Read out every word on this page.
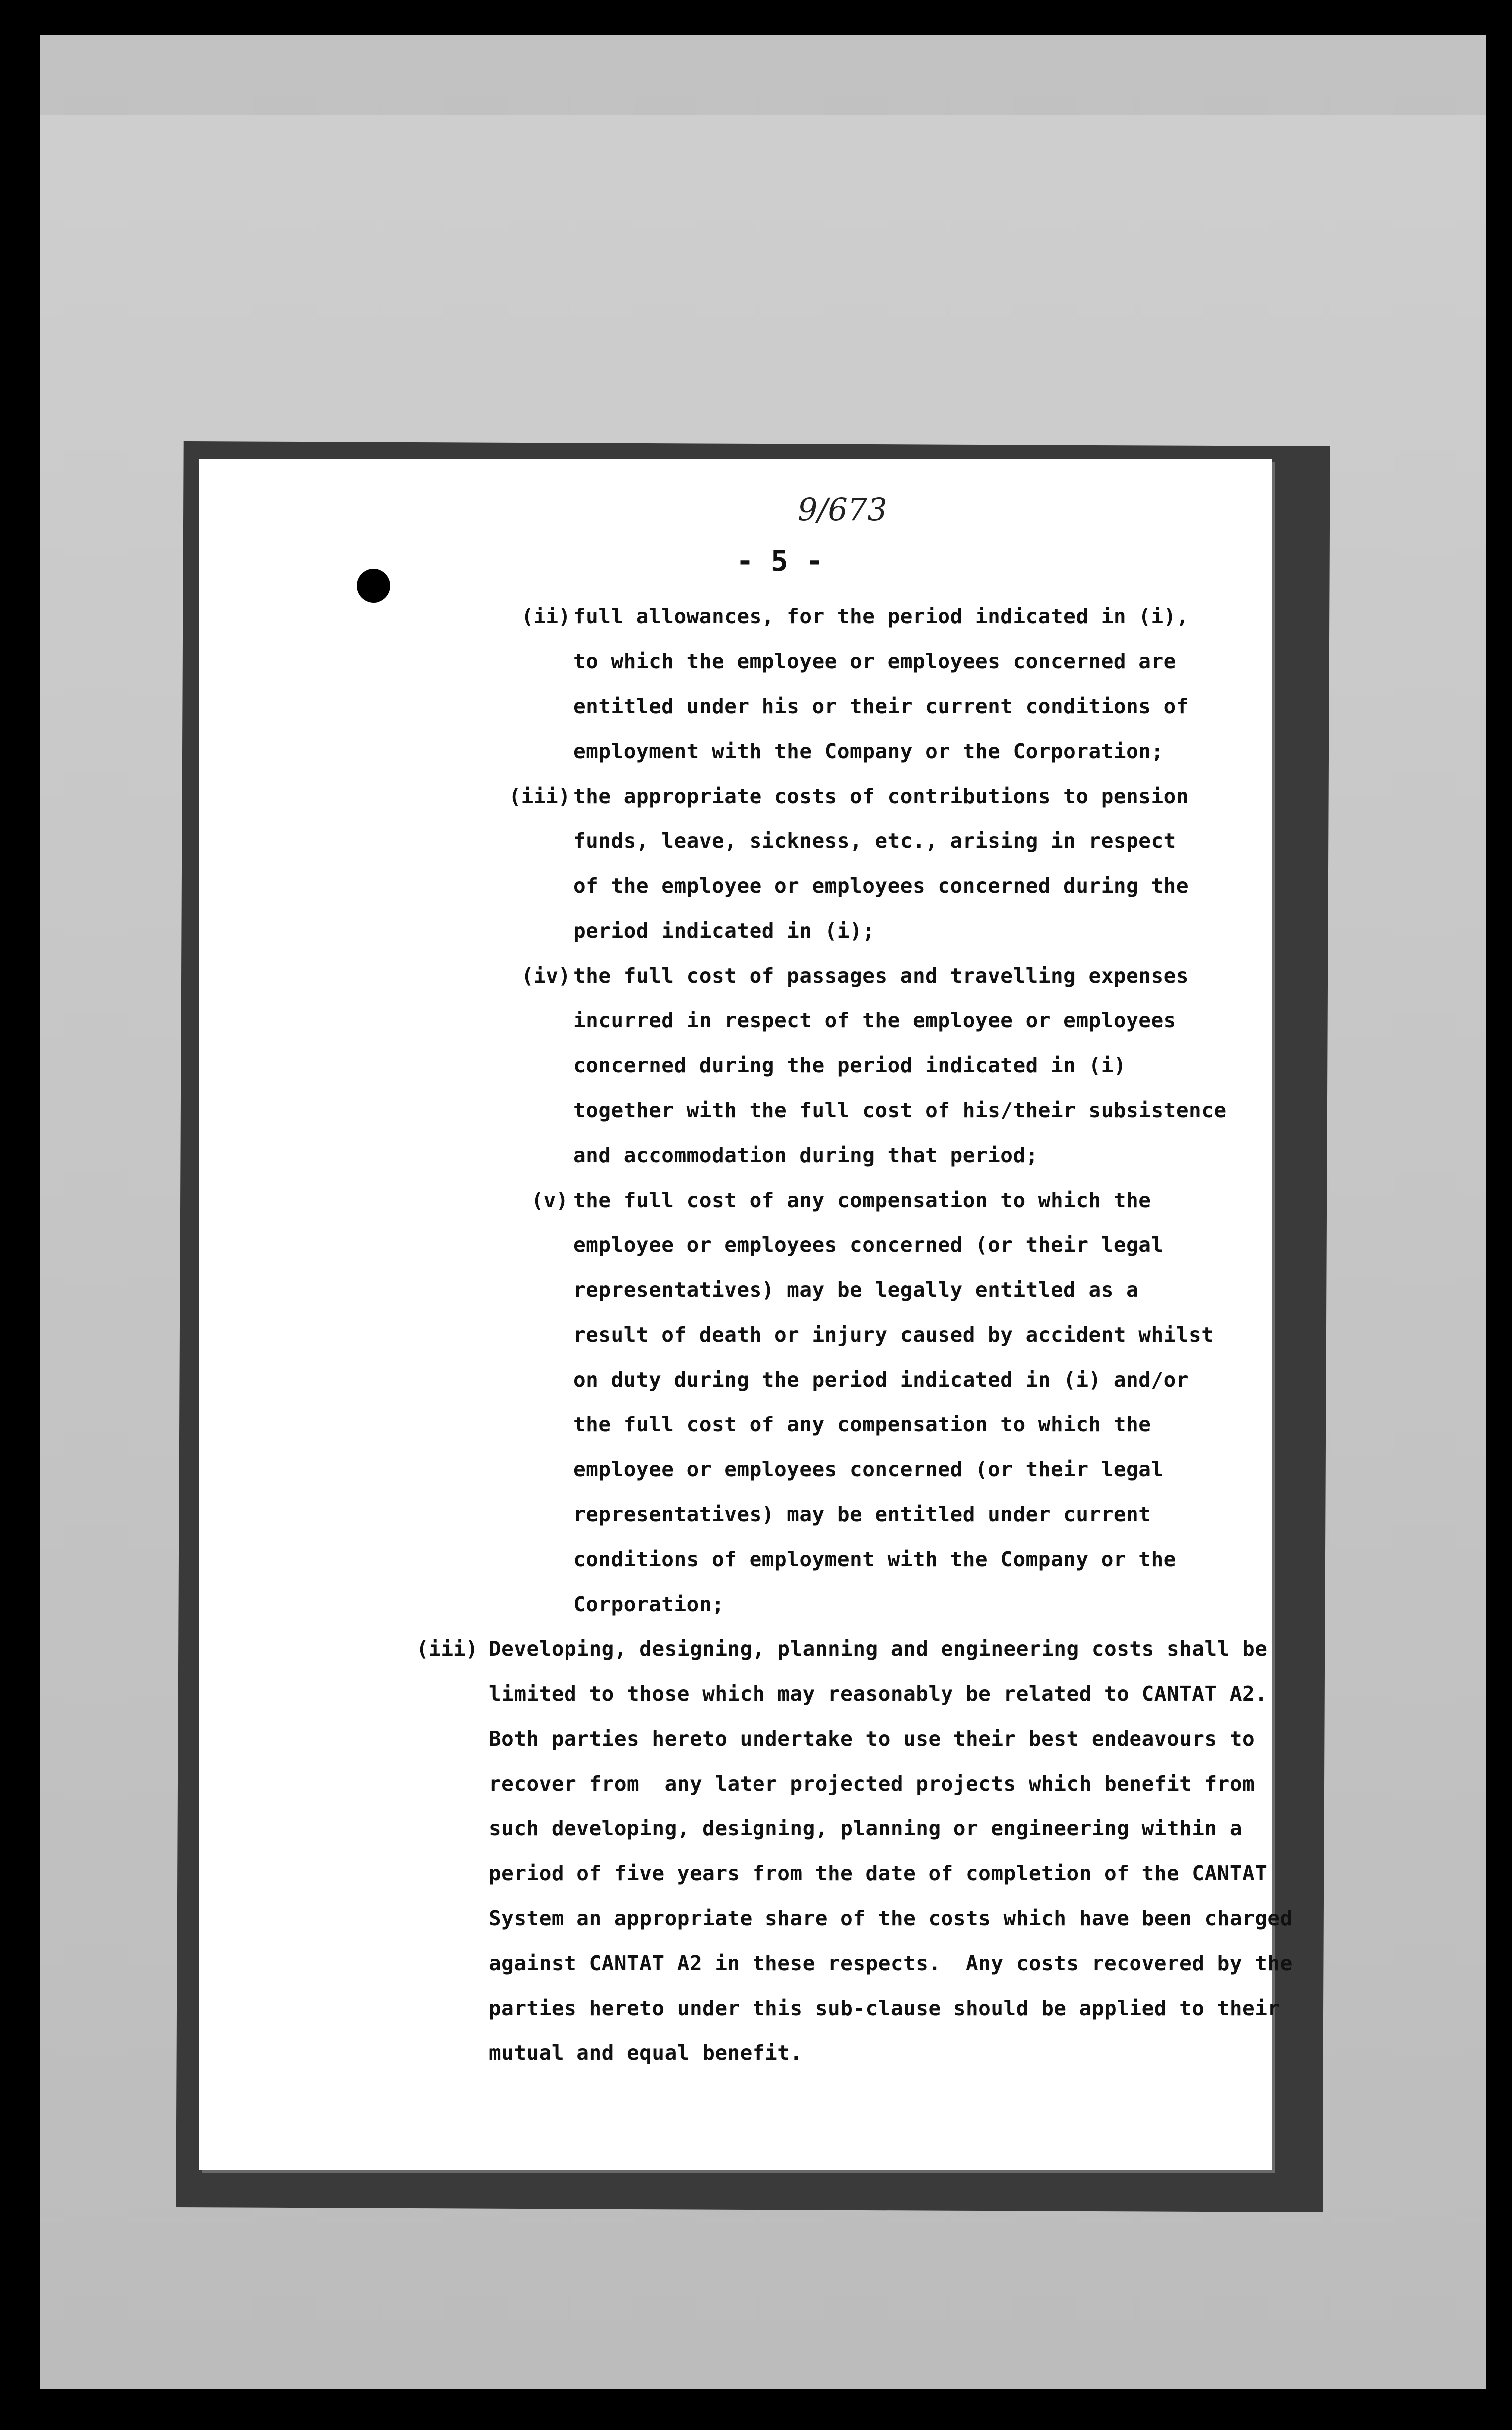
9/673
- 5 -
(ii) full allowances, for the period indicated in (i),
to which the employee or employees concerned are
entitled under his or their current conditions of
employment with the Company or the Corporation;
(iii) the appropriate costs of contributions to pension
funds, leave, sickness, etc., arising in respect
of the employee or employees concerned during the
period indicated in (i);
(iv) the full cost of passages and travelling expenses
incurred in respect of the employee or employees
concerned during the period indicated in (i)
together with the full cost of his/their subsistence
and accommodation during that period;
(v) the full cost of any compensation to which the
employee or employees concerned (or their legal
representatives) may be legally entitled as a
result of death or injury caused by accident whilst
on duty during the period indicated in (i) and/or
the full cost of any compensation to which the
employee or employees concerned (or their legal
representatives) may be entitled under current
conditions of employment with the Company or the
Corporation;
(iii) Developing, designing, planning and engineering costs shall be
limited to those which may reasonably be related to CANTAT A2.
Both parties hereto undertake to use their best endeavours to
recover from  any later projected projects which benefit from
such developing, designing, planning or engineering within a
period of five years from the date of completion of the CANTAT
System an appropriate share of the costs which have been charged
against CANTAT A2 in these respects.  Any costs recovered by the
parties hereto under this sub-clause should be applied to their
mutual and equal benefit.
